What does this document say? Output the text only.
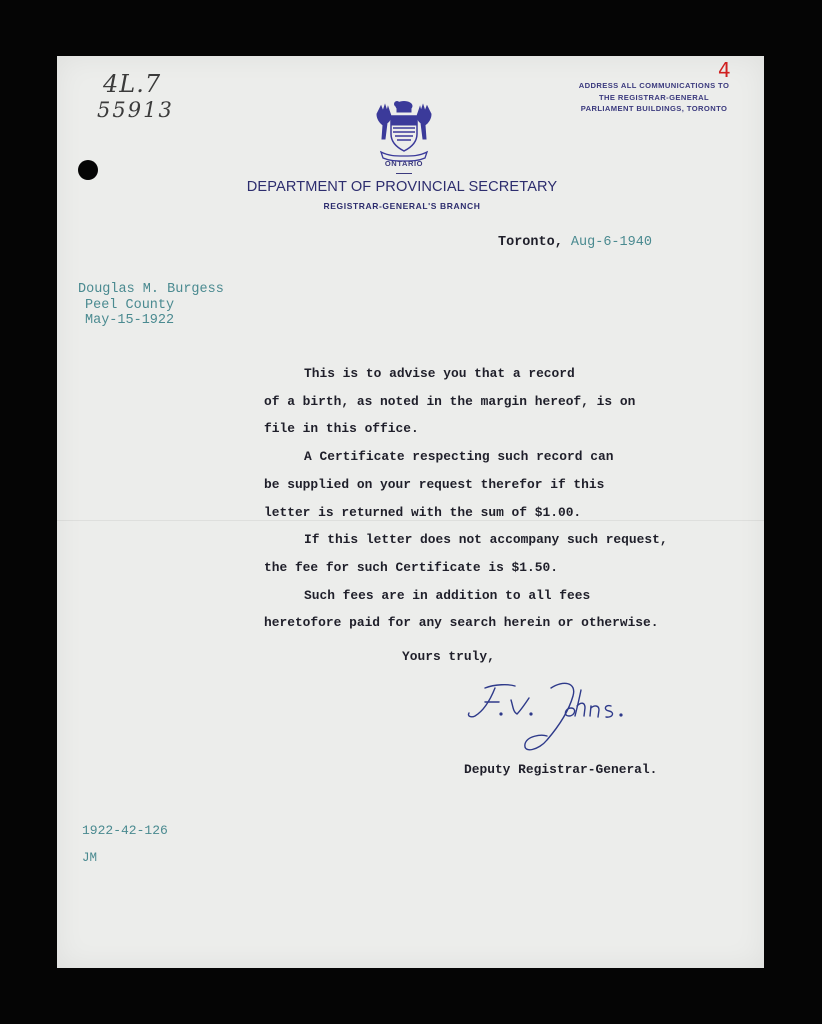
4L.7
55913
4
ADDRESS ALL COMMUNICATIONS TO
THE REGISTRAR-GENERAL
PARLIAMENT BUILDINGS, TORONTO
ONTARIO
DEPARTMENT OF PROVINCIAL SECRETARY
REGISTRAR-GENERAL'S BRANCH
Toronto, Aug-6-1940
Douglas M. Burgess
Peel County
May-15-1922
This is to advise you that a record
of a birth, as noted in the margin hereof, is on
file in this office.
A Certificate respecting such record can
be supplied on your request therefor if this
letter is returned with the sum of $1.00.
If this letter does not accompany such request,
the fee for such Certificate is $1.50.
Such fees are in addition to all fees
heretofore paid for any search herein or otherwise.
Yours truly,
Deputy Registrar-General.
1922-42-126
JM
